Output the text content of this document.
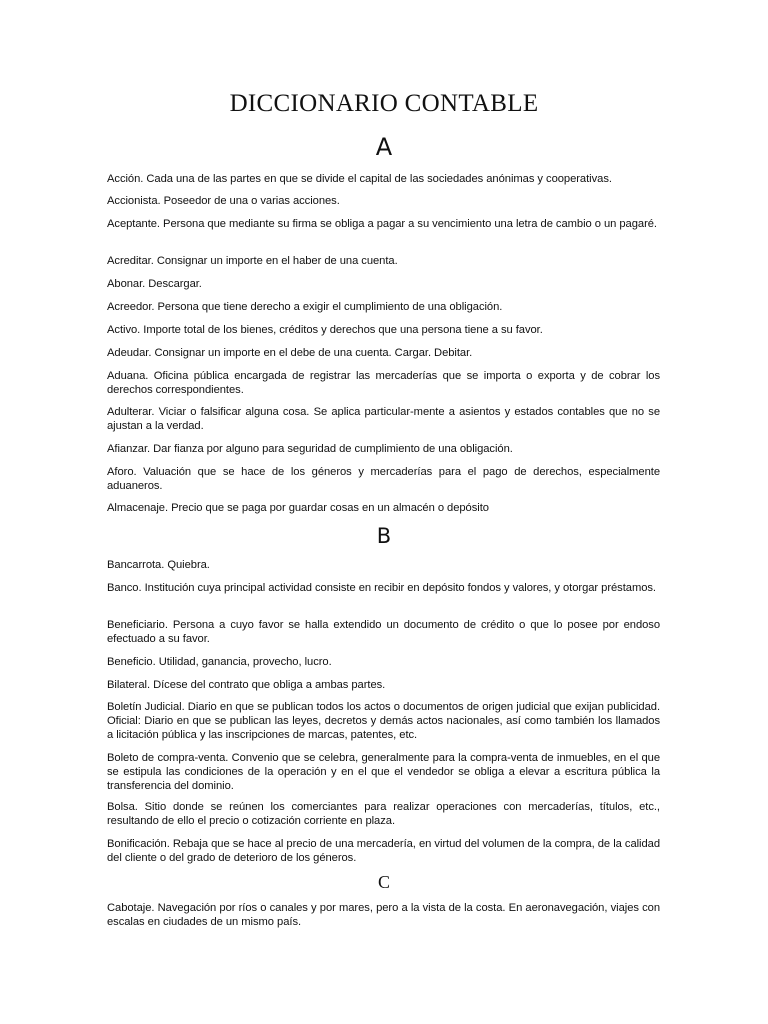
DICCIONARIO CONTABLE
A
Acción. Cada una de las partes en que se divide el capital de las sociedades anónimas y cooperativas.
Accionista. Poseedor de una o varias acciones.
Aceptante. Persona que mediante su firma se obliga a pagar a su vencimiento una letra de cambio o un pagaré.
Acreditar. Consignar un importe en el haber de una cuenta.
Abonar. Descargar.
Acreedor. Persona que tiene derecho a exigir el cumplimiento de una obligación.
Activo. Importe total de los bienes, créditos y derechos que una persona tiene a su favor.
Adeudar. Consignar un importe en el debe de una cuenta. Cargar. Debitar.
Aduana. Oficina pública encargada de registrar las mercaderías que se importa o exporta y de cobrar los derechos correspondientes.
Adulterar. Viciar o falsificar alguna cosa. Se aplica particular-mente a asientos y estados contables que no se ajustan a la verdad.
Afianzar. Dar fianza por alguno para seguridad de cumplimiento de una obligación.
Aforo. Valuación que se hace de los géneros y mercaderías para el pago de derechos, especialmente aduaneros.
Almacenaje. Precio que se paga por guardar cosas en un almacén o depósito
B
Bancarrota. Quiebra.
Banco. Institución cuya principal actividad consiste en recibir en depósito fondos y valores, y otorgar préstamos.
Beneficiario. Persona a cuyo favor se halla extendido un documento de crédito o que lo posee por endoso efectuado a su favor.
Beneficio. Utilidad, ganancia, provecho, lucro.
Bilateral. Dícese del contrato que obliga a ambas partes.
Boletín Judicial. Diario en que se publican todos los actos o documentos de origen judicial que exijan publicidad. Oficial: Diario en que se publican las leyes, decretos y demás actos nacionales, así como también los llamados a licitación pública y las inscripciones de marcas, patentes, etc.
Boleto de compra-venta. Convenio que se celebra, generalmente para la compra-venta de inmuebles, en el que se estipula las condiciones de la operación y en el que el vendedor se obliga a elevar a escritura pública la transferencia del dominio.
Bolsa. Sitio donde se reúnen los comerciantes para realizar operaciones con mercaderías, títulos, etc., resultando de ello el precio o cotización corriente en plaza.
Bonificación. Rebaja que se hace al precio de una mercadería, en virtud del volumen de la compra, de la calidad del cliente o del grado de deterioro de los géneros.
C
Cabotaje. Navegación por ríos o canales y por mares, pero a la vista de la costa. En aeronavegación, viajes con escalas en ciudades de un mismo país.
